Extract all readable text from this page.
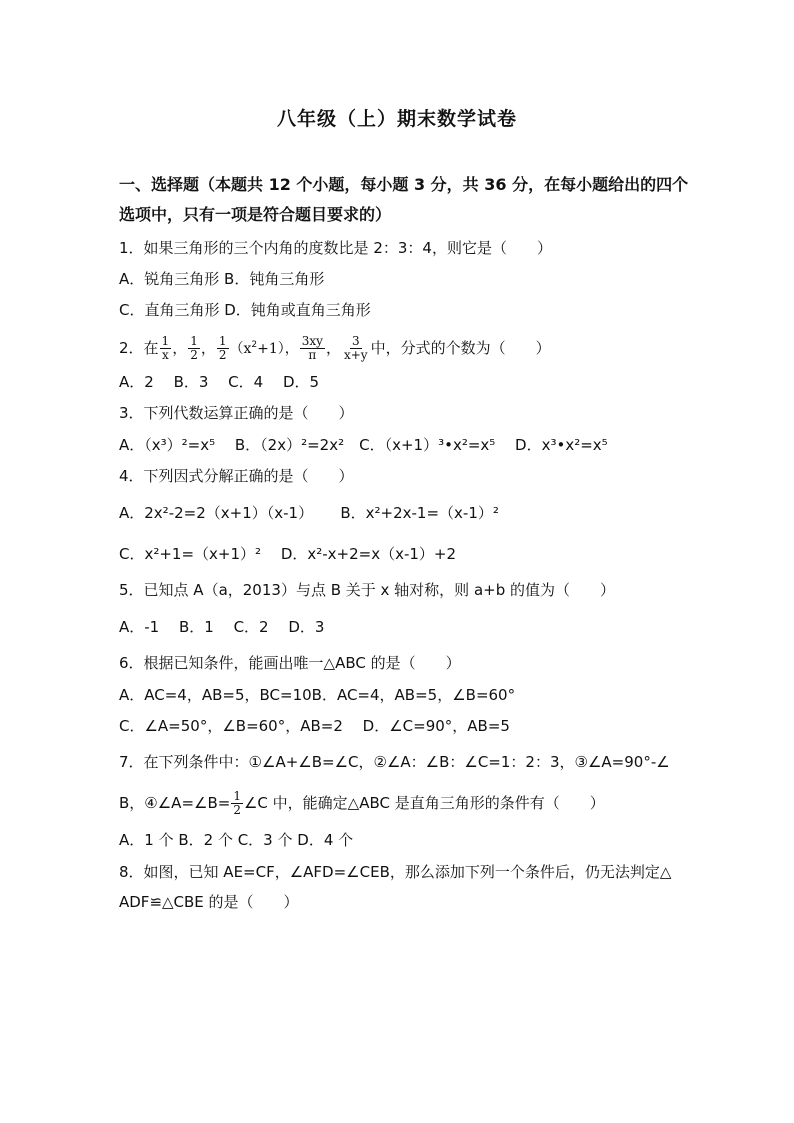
八年级（上）期末数学试卷
一、选择题（本题共 12 个小题，每小题 3 分，共 36 分，在每小题给出的四个
选项中，只有一项是符合题目要求的）
1．如果三角形的三个内角的度数比是 2：3：4，则它是（　　）
A．锐角三角形 B．钝角三角形
C．直角三角形 D．钝角或直角三角形
2．在 $\frac{1}{x}$ ， $\frac{1}{2}$ ， $\frac{1}{2} (x^2+1)$， $\frac{3xy}{\pi}$ ， $\frac{3}{x+y}$ 中，分式的个数为（　　）
A．2　 B．3　 C．4　 D．5
3．下列代数运算正确的是（　　）
A．（x³）²=x⁵　 B．（2x）²=2x²　C．（x+1）³•x²=x⁵　 D．x³•x²=x⁵
4．下列因式分解正确的是（　　）
A．2x²-2=2（x+1）（x-1）　　 B．x²+2x-1=（x-1）²
C．x²+1=（x+1）²　 D．x²-x+2=x（x-1）+2
5．已知点 A（a，2013）与点 B 关于 x 轴对称，则 a+b 的值为（　　）
A．-1　 B．1　 C．2　 D．3
6．根据已知条件，能画出唯一△ABC 的是（　　）
A．AC=4，AB=5，BC=10B．AC=4，AB=5，∠B=60°
C．∠A=50°，∠B=60°，AB=2　 D．∠C=90°，AB=5
7．在下列条件中：①∠A+∠B=∠C，②∠A：∠B：∠C=1：2：3，③∠A=90°-∠
B，④∠A=∠B= $\frac{1}{2}$ ∠C 中，能确定△ABC 是直角三角形的条件有（　　）
A．1 个 B．2 个 C．3 个 D．4 个
8．如图，已知 AE=CF，∠AFD=∠CEB，那么添加下列一个条件后，仍无法判定△
ADF≌△CBE 的是（　　）
